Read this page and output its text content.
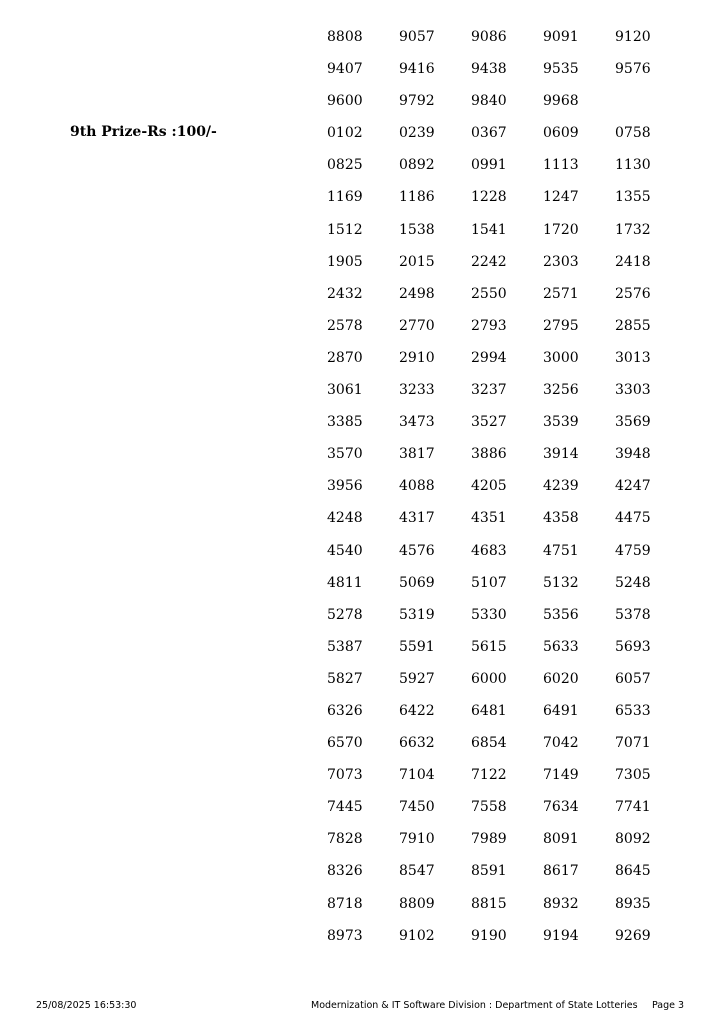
9th Prize-Rs :100/-
8808	9057	9086	9091	9120
9407	9416	9438	9535	9576
9600	9792	9840	9968
0102	0239	0367	0609	0758
0825	0892	0991	1113	1130
1169	1186	1228	1247	1355
1512	1538	1541	1720	1732
1905	2015	2242	2303	2418
2432	2498	2550	2571	2576
2578	2770	2793	2795	2855
2870	2910	2994	3000	3013
3061	3233	3237	3256	3303
3385	3473	3527	3539	3569
3570	3817	3886	3914	3948
3956	4088	4205	4239	4247
4248	4317	4351	4358	4475
4540	4576	4683	4751	4759
4811	5069	5107	5132	5248
5278	5319	5330	5356	5378
5387	5591	5615	5633	5693
5827	5927	6000	6020	6057
6326	6422	6481	6491	6533
6570	6632	6854	7042	7071
7073	7104	7122	7149	7305
7445	7450	7558	7634	7741
7828	7910	7989	8091	8092
8326	8547	8591	8617	8645
8718	8809	8815	8932	8935
8973	9102	9190	9194	9269
25/08/2025 16:53:30	Modernization & IT Software Division : Department of State Lotteries Page 3
